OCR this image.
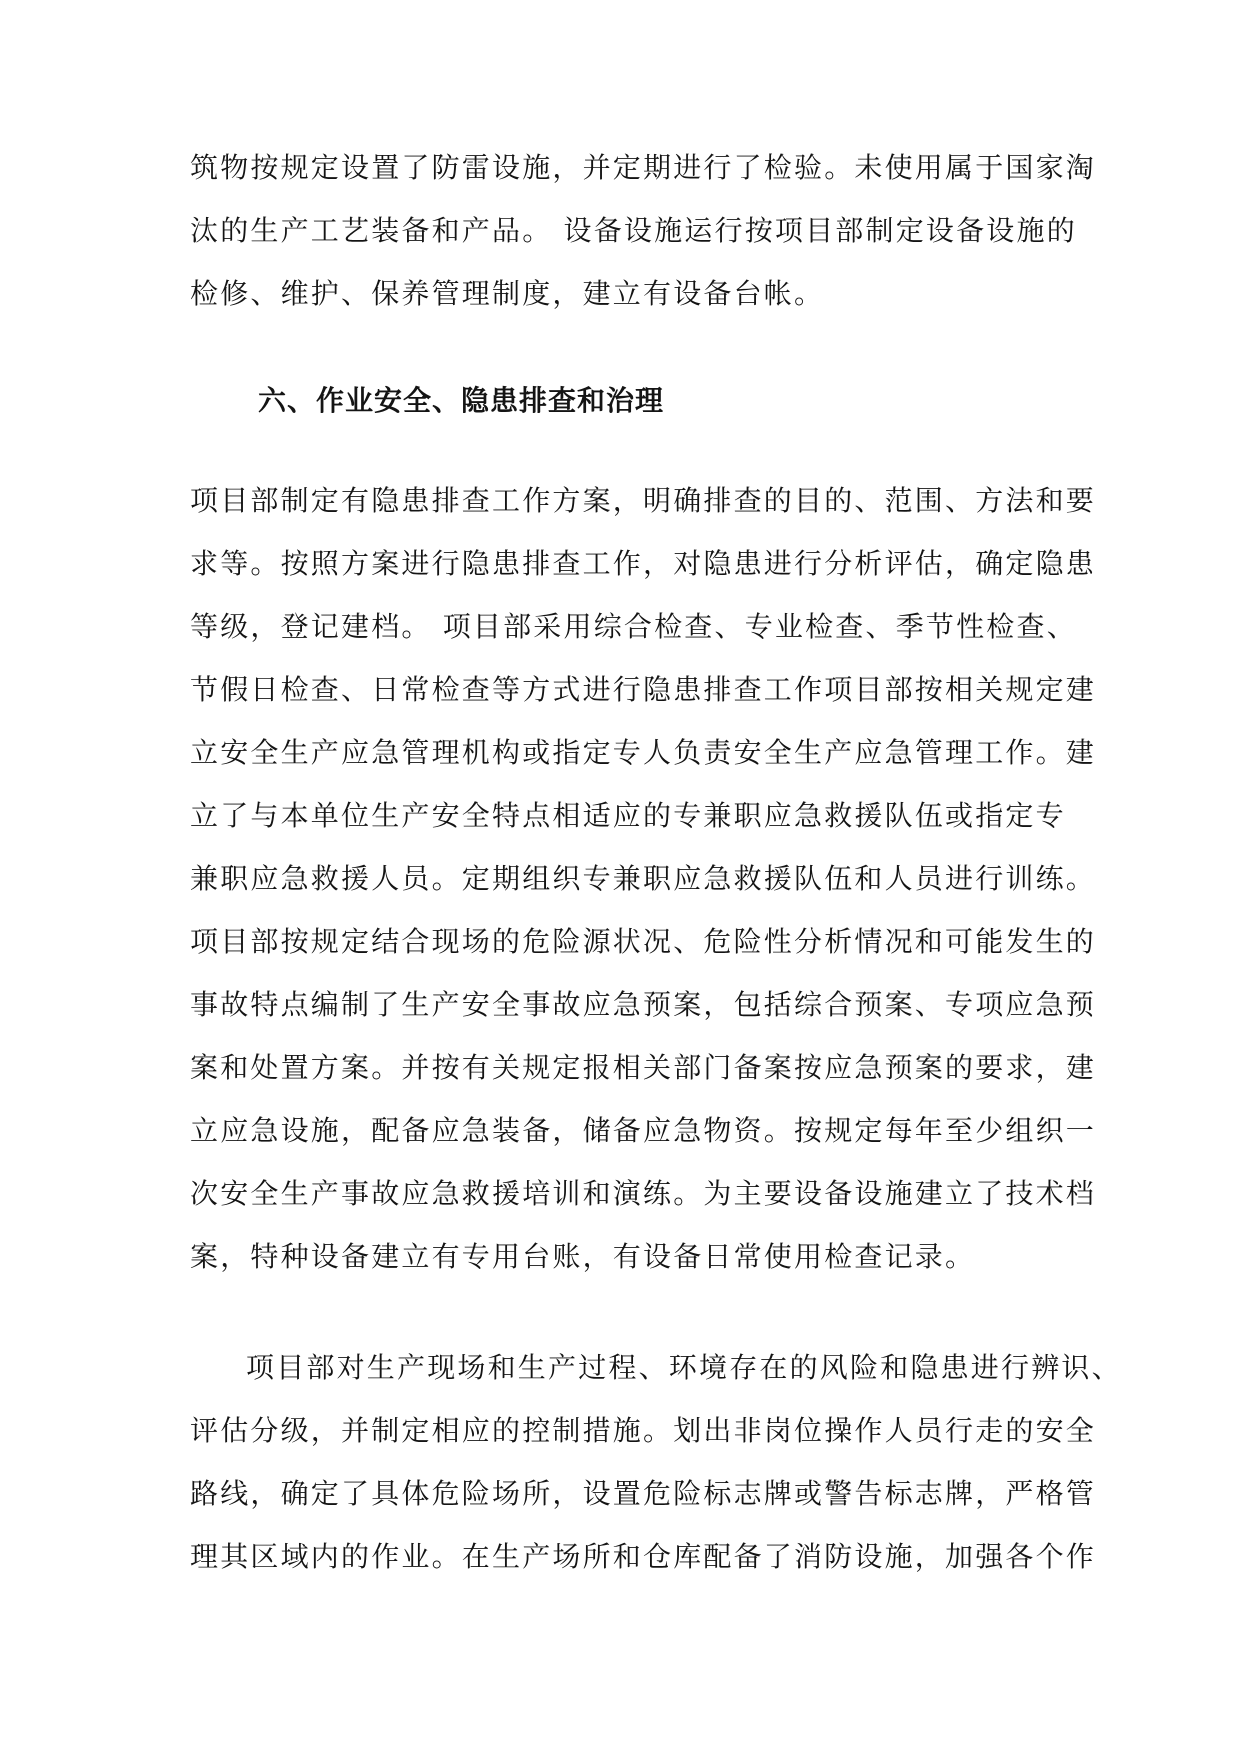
筑物按规定设置了防雷设施，并定期进行了检验。未使用属于国家淘
汰的生产工艺装备和产品。 设备设施运行按项目部制定设备设施的
检修、维护、保养管理制度，建立有设备台帐。
六、作业安全、隐患排查和治理
项目部制定有隐患排查工作方案，明确排查的目的、范围、方法和要
求等。按照方案进行隐患排查工作，对隐患进行分析评估，确定隐患
等级，登记建档。 项目部采用综合检查、专业检查、季节性检查、
节假日检查、日常检查等方式进行隐患排查工作项目部按相关规定建
立安全生产应急管理机构或指定专人负责安全生产应急管理工作。建
立了与本单位生产安全特点相适应的专兼职应急救援队伍或指定专
兼职应急救援人员。定期组织专兼职应急救援队伍和人员进行训练。
项目部按规定结合现场的危险源状况、危险性分析情况和可能发生的
事故特点编制了生产安全事故应急预案，包括综合预案、专项应急预
案和处置方案。并按有关规定报相关部门备案按应急预案的要求，建
立应急设施，配备应急装备，储备应急物资。按规定每年至少组织一
次安全生产事故应急救援培训和演练。为主要设备设施建立了技术档
案，特种设备建立有专用台账，有设备日常使用检查记录。
项目部对生产现场和生产过程、环境存在的风险和隐患进行辨识、
评估分级，并制定相应的控制措施。划出非岗位操作人员行走的安全
路线，确定了具体危险场所，设置危险标志牌或警告标志牌，严格管
理其区域内的作业。在生产场所和仓库配备了消防设施，加强各个作
